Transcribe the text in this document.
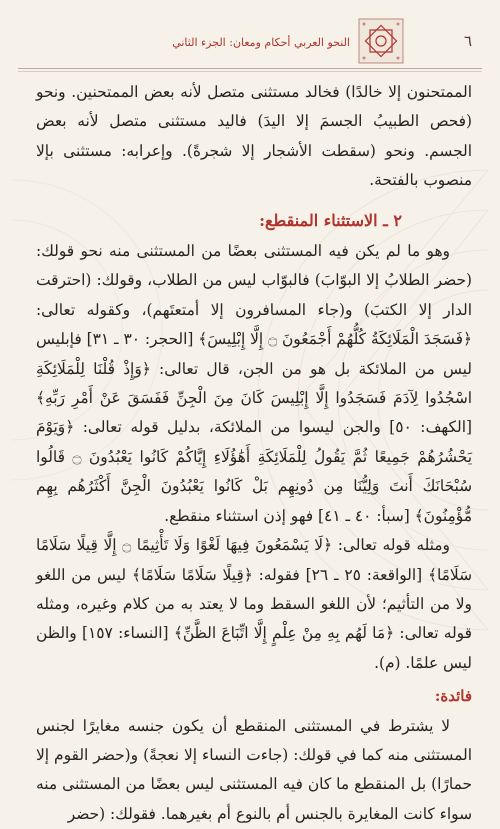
٦
النحو العربي أحكام ومعان: الجزء الثاني

الممتحنون إلا خالدًا) فخالد مستثنى متصل لأنه بعض الممتحنين. ونحو (فحص الطبيبُ الجسمَ إلا اليدَ) فاليد مستثنى متصل لأنه بعض الجسم. ونحو (سقطت الأشجار إلا شجرةً). وإعرابه: مستثنى بإلا منصوب بالفتحة.

٢ ـ الاستثناء المنقطع:

وهو ما لم يكن فيه المستثنى بعضًا من المستثنى منه نحو قولك: (حضر الطلابُ إلا البوّابَ) فالبوّاب ليس من الطلاب، وقولك: (احترقت الدار إلا الكتبَ) و(جاء المسافرون إلا أمتعتَهم)، وكقوله تعالى: ﴿فَسَجَدَ الْمَلَائِكَةُ كُلُّهُمْ أَجْمَعُونَ ۝ إِلَّا إِبْلِيسَ﴾ [الحجر: ٣٠ ـ ٣١] فإبليس ليس من الملائكة بل هو من الجن، قال تعالى: ﴿وَإِذْ قُلْنَا لِلْمَلَائِكَةِ اسْجُدُوا لِآدَمَ فَسَجَدُوا إِلَّا إِبْلِيسَ كَانَ مِنَ الْجِنِّ فَفَسَقَ عَنْ أَمْرِ رَبِّهِ﴾ [الكهف: ٥٠] والجن ليسوا من الملائكة، بدليل قوله تعالى: ﴿وَيَوْمَ يَحْشُرُهُمْ جَمِيعًا ثُمَّ يَقُولُ لِلْمَلَائِكَةِ أَهَٰؤُلَاءِ إِيَّاكُمْ كَانُوا يَعْبُدُونَ ۝ قَالُوا سُبْحَانَكَ أَنتَ وَلِيُّنَا مِن دُونِهِم بَلْ كَانُوا يَعْبُدُونَ الْجِنَّ أَكْثَرُهُم بِهِم مُّؤْمِنُونَ﴾ [سبأ: ٤٠ ـ ٤١] فهو إذن استثناء منقطع.

ومثله قوله تعالى: ﴿لَا يَسْمَعُونَ فِيهَا لَغْوًا وَلَا تَأْثِيمًا ۝ إِلَّا قِيلًا سَلَامًا سَلَامًا﴾ [الواقعة: ٢٥ ـ ٢٦] فقوله: ﴿قِيلًا سَلَامًا سَلَامًا﴾ ليس من اللغو ولا من التأثيم؛ لأن اللغو السقط وما لا يعتد به من كلام وغيره، ومثله قوله تعالى: ﴿مَا لَهُم بِهِ مِنْ عِلْمٍ إِلَّا اتِّبَاعَ الظَّنِّ﴾ [النساء: ١٥٧] والظن ليس علمًا. (م).

فائدة:

لا يشترط في المستثنى المنقطع أن يكون جنسه مغايرًا لجنس المستثنى منه كما في قولك: (جاءت النساء إلا نعجةً) و(حضر القوم إلا حمارًا) بل المنقطع ما كان فيه المستثنى ليس بعضًا من المستثنى منه سواء كانت المغايرة بالجنس أم بالنوع أم بغيرهما. فقولك: (حضر
